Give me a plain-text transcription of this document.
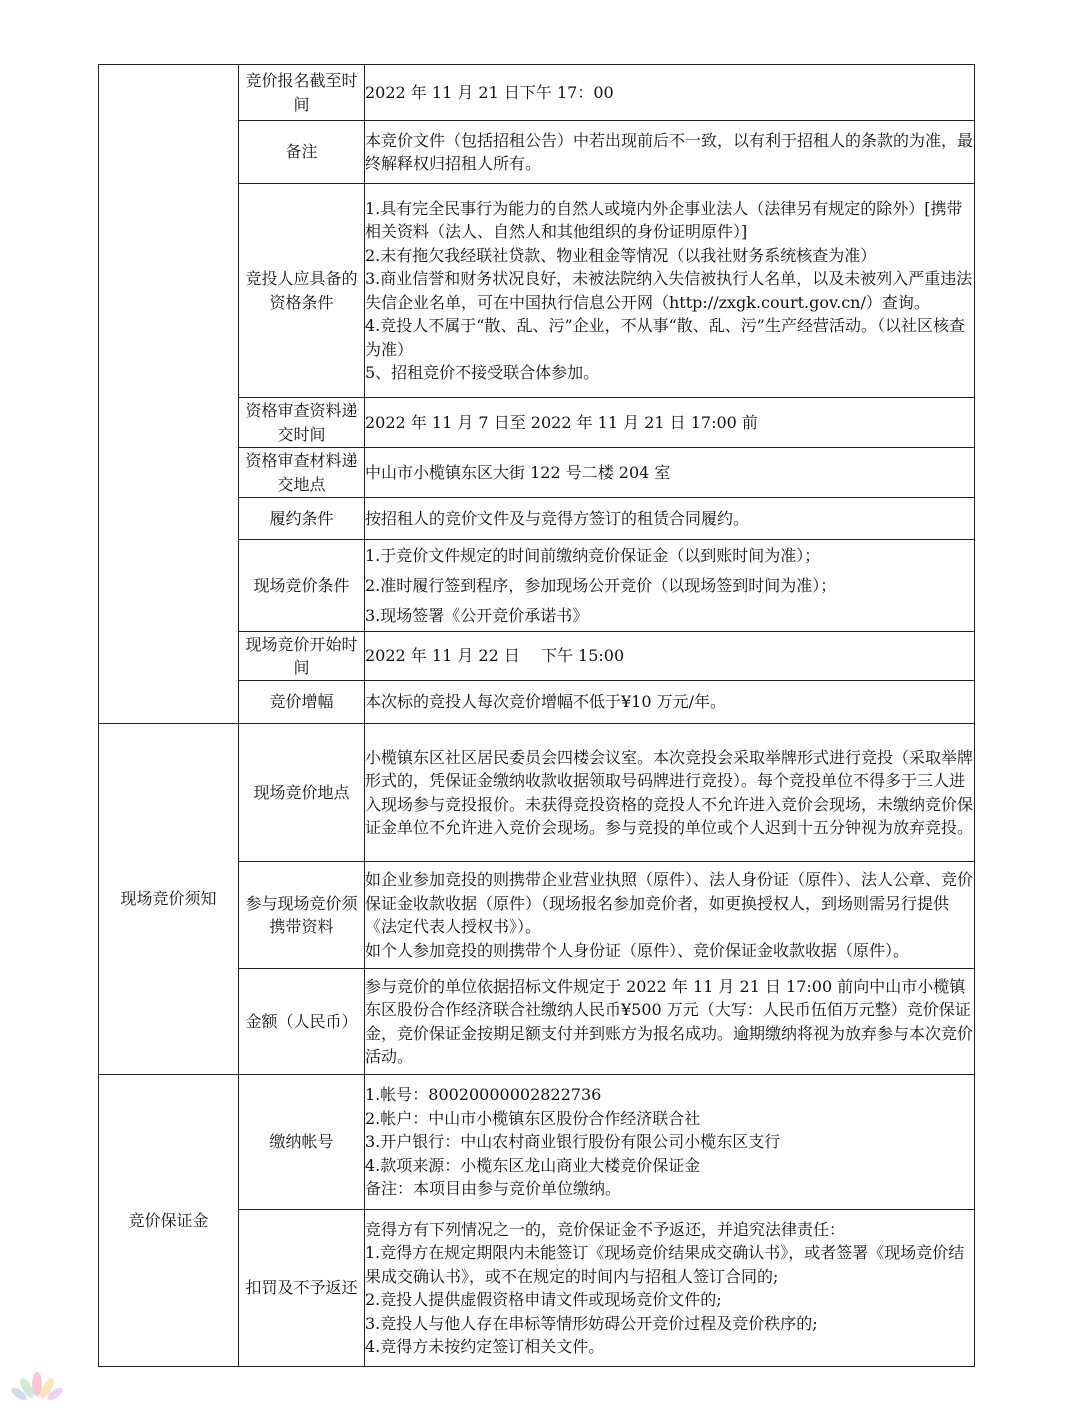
	竞价报名截至时间	2022 年 11 月 21 日下午 17：00

	备注	本竞价文件（包括招租公告）中若出现前后不一致，以有利于招租人的条款的为准，最终解释权归招租人所有。

	竞投人应具备的资格条件	1.具有完全民事行为能力的自然人或境内外企事业法人（法律另有规定的除外）[携带相关资料（法人、自然人和其他组织的身份证明原件）]
2.未有拖欠我经联社贷款、物业租金等情况（以我社财务系统核查为准）
3.商业信誉和财务状况良好，未被法院纳入失信被执行人名单，以及未被列入严重违法失信企业名单，可在中国执行信息公开网（http://zxgk.court.gov.cn/）查询。
4.竞投人不属于“散、乱、污”企业，不从事“散、乱、污”生产经营活动。（以社区核查为准）
5、招租竞价不接受联合体参加。

	资格审查资料递交时间	2022 年 11 月 7 日至 2022 年 11 月 21 日 17:00 前

	资格审查材料递交地点	中山市小榄镇东区大街 122 号二楼 204 室

	履约条件	按招租人的竞价文件及与竞得方签订的租赁合同履约。

	现场竞价条件	1.于竞价文件规定的时间前缴纳竞价保证金（以到账时间为准）；
2.准时履行签到程序，参加现场公开竞价（以现场签到时间为准）；
3.现场签署《公开竞价承诺书》

	现场竞价开始时间	2022 年 11 月 22 日　 下午 15:00

	竞价增幅	本次标的竞投人每次竞价增幅不低于¥10 万元/年。

现场竞价须知	现场竞价地点	小榄镇东区社区居民委员会四楼会议室。本次竞投会采取举牌形式进行竞投（采取举牌形式的，凭保证金缴纳收款收据领取号码牌进行竞投）。每个竞投单位不得多于三人进入现场参与竞投报价。未获得竞投资格的竞投人不允许进入竞价会现场，未缴纳竞价保证金单位不允许进入竞价会现场。参与竞投的单位或个人迟到十五分钟视为放弃竞投。

	参与现场竞价须携带资料	如企业参加竞投的则携带企业营业执照（原件）、法人身份证（原件）、法人公章、竞价保证金收款收据（原件）（现场报名参加竞价者，如更换授权人，到场则需另行提供《法定代表人授权书》）。
如个人参加竞投的则携带个人身份证（原件）、竞价保证金收款收据（原件）。

	金额（人民币）	参与竞价的单位依据招标文件规定于 2022 年 11 月 21 日 17:00 前向中山市小榄镇东区股份合作经济联合社缴纳人民币¥500 万元（大写：人民币伍佰万元整）竞价保证金，竞价保证金按期足额支付并到账方为报名成功。逾期缴纳将视为放弃参与本次竞价活动。

竞价保证金	缴纳帐号	1.帐号：80020000002822736
2.帐户：中山市小榄镇东区股份合作经济联合社
3.开户银行：中山农村商业银行股份有限公司小榄东区支行
4.款项来源：小榄东区龙山商业大楼竞价保证金
备注：本项目由参与竞价单位缴纳。

	扣罚及不予返还	竞得方有下列情况之一的，竞价保证金不予返还，并追究法律责任：
1.竞得方在规定期限内未能签订《现场竞价结果成交确认书》，或者签署《现场竞价结果成交确认书》，或不在规定的时间内与招租人签订合同的;
2.竞投人提供虚假资格申请文件或现场竞价文件的;
3.竞投人与他人存在串标等情形妨碍公开竞价过程及竞价秩序的;
4.竞得方未按约定签订相关文件。
